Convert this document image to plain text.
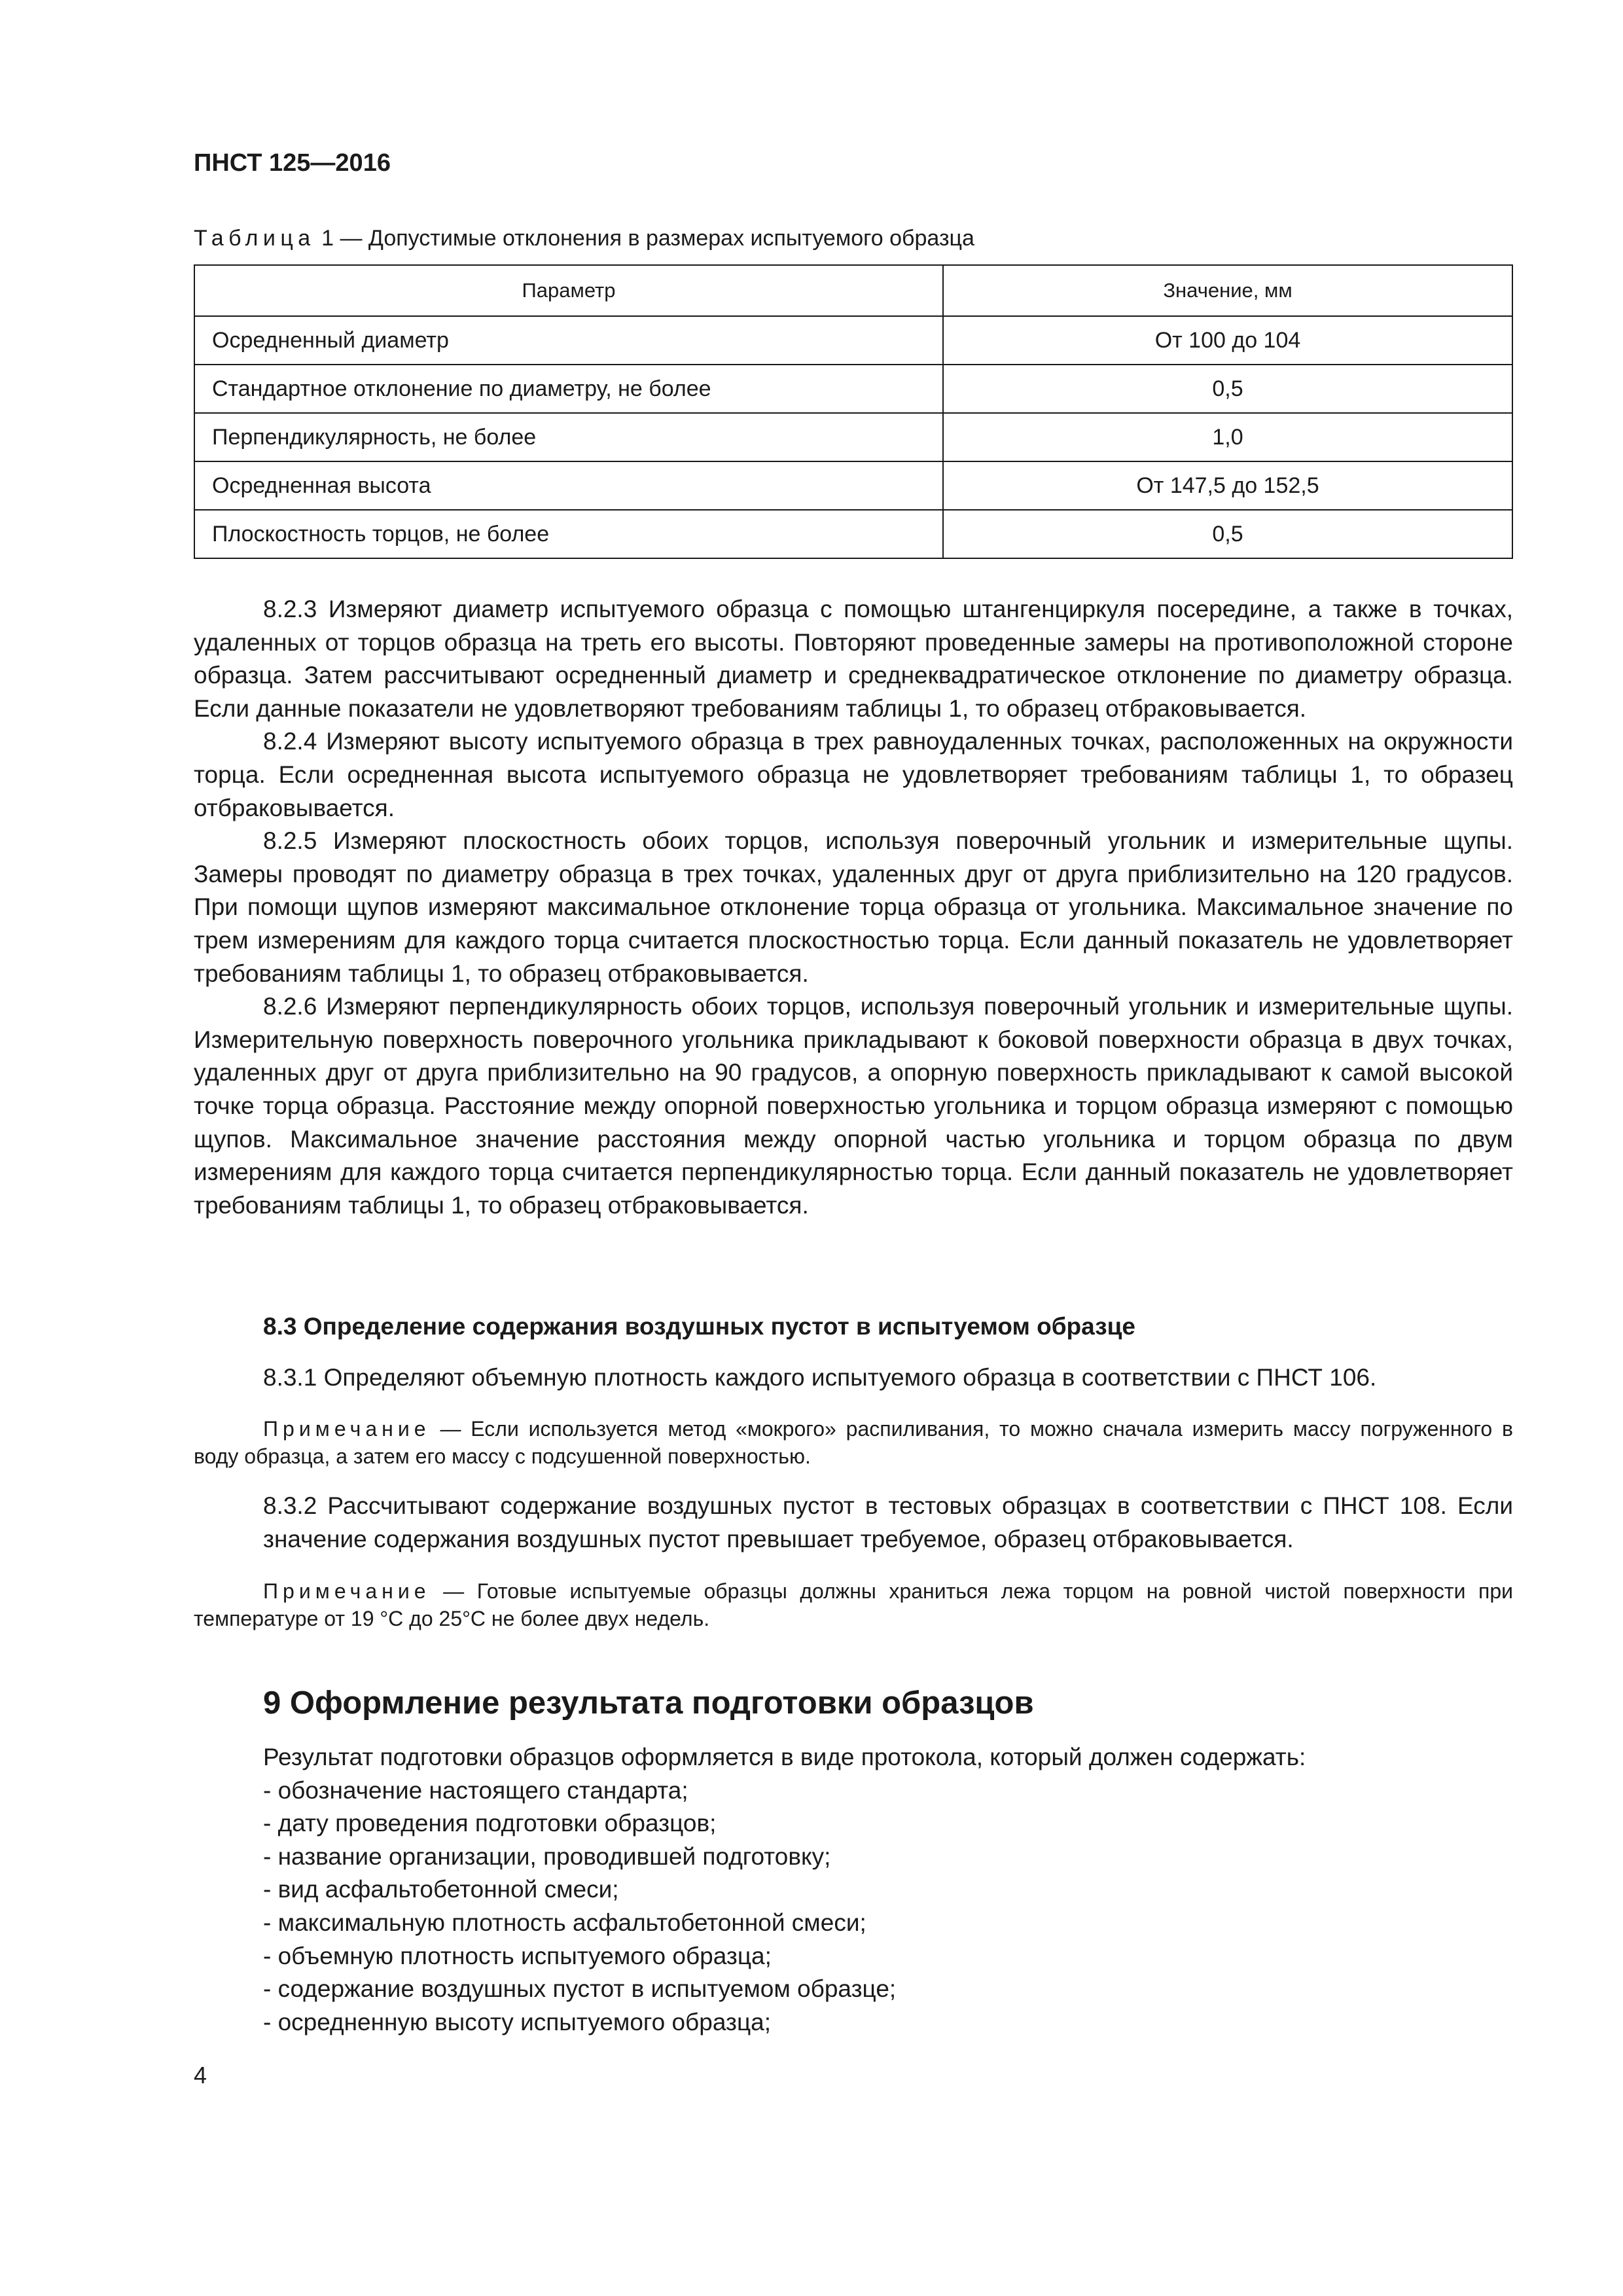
ПНСТ 125—2016
Таблица 1 — Допустимые отклонения в размерах испытуемого образца
Параметр	Значение, мм
Осредненный диаметр	От 100 до 104
Стандартное отклонение по диаметру, не более	0,5
Перпендикулярность, не более	1,0
Осредненная высота	От 147,5 до 152,5
Плоскостность торцов, не более	0,5

8.2.3 Измеряют диаметр испытуемого образца с помощью штангенциркуля посередине, а также в точках, удаленных от торцов образца на треть его высоты. Повторяют проведенные замеры на противоположной стороне образца. Затем рассчитывают осредненный диаметр и среднеквадратическое отклонение по диаметру образца. Если данные показатели не удовлетворяют требованиям таблицы 1, то образец отбраковывается.

8.2.4 Измеряют высоту испытуемого образца в трех равноудаленных точках, расположенных на окружности торца. Если осредненная высота испытуемого образца не удовлетворяет требованиям таблицы 1, то образец отбраковывается.

8.2.5 Измеряют плоскостность обоих торцов, используя поверочный угольник и измерительные щупы. Замеры проводят по диаметру образца в трех точках, удаленных друг от друга приблизительно на 120 градусов. При помощи щупов измеряют максимальное отклонение торца образца от угольника. Максимальное значение по трем измерениям для каждого торца считается плоскостностью торца. Если данный показатель не удовлетворяет требованиям таблицы 1, то образец отбраковывается.

8.2.6 Измеряют перпендикулярность обоих торцов, используя поверочный угольник и измерительные щупы. Измерительную поверхность поверочного угольника прикладывают к боковой поверхности образца в двух точках, удаленных друг от друга приблизительно на 90 градусов, а опорную поверхность прикладывают к самой высокой точке торца образца. Расстояние между опорной поверхностью угольника и торцом образца измеряют с помощью щупов. Максимальное значение расстояния между опорной частью угольника и торцом образца по двум измерениям для каждого торца считается перпендикулярностью торца. Если данный показатель не удовлетворяет требованиям таблицы 1, то образец отбраковывается.

8.3 Определение содержания воздушных пустот в испытуемом образце
8.3.1 Определяют объемную плотность каждого испытуемого образца в соответствии с ПНСТ 106.

Примечание — Если используется метод «мокрого» распиливания, то можно сначала измерить массу погруженного в воду образца, а затем его массу с подсушенной поверхностью.

8.3.2 Рассчитывают содержание воздушных пустот в тестовых образцах в соответствии с ПНСТ 108. Если значение содержания воздушных пустот превышает требуемое, образец отбраковывается.

Примечание — Готовые испытуемые образцы должны храниться лежа торцом на ровной чистой поверхности при температуре от 19 °С до 25°С не более двух недель.

9 Оформление результата подготовки образцов
Результат подготовки образцов оформляется в виде протокола, который должен содержать:
- обозначение настоящего стандарта;
- дату проведения подготовки образцов;
- название организации, проводившей подготовку;
- вид асфальтобетонной смеси;
- максимальную плотность асфальтобетонной смеси;
- объемную плотность испытуемого образца;
- содержание воздушных пустот в испытуемом образце;
- осредненную высоту испытуемого образца;
4
